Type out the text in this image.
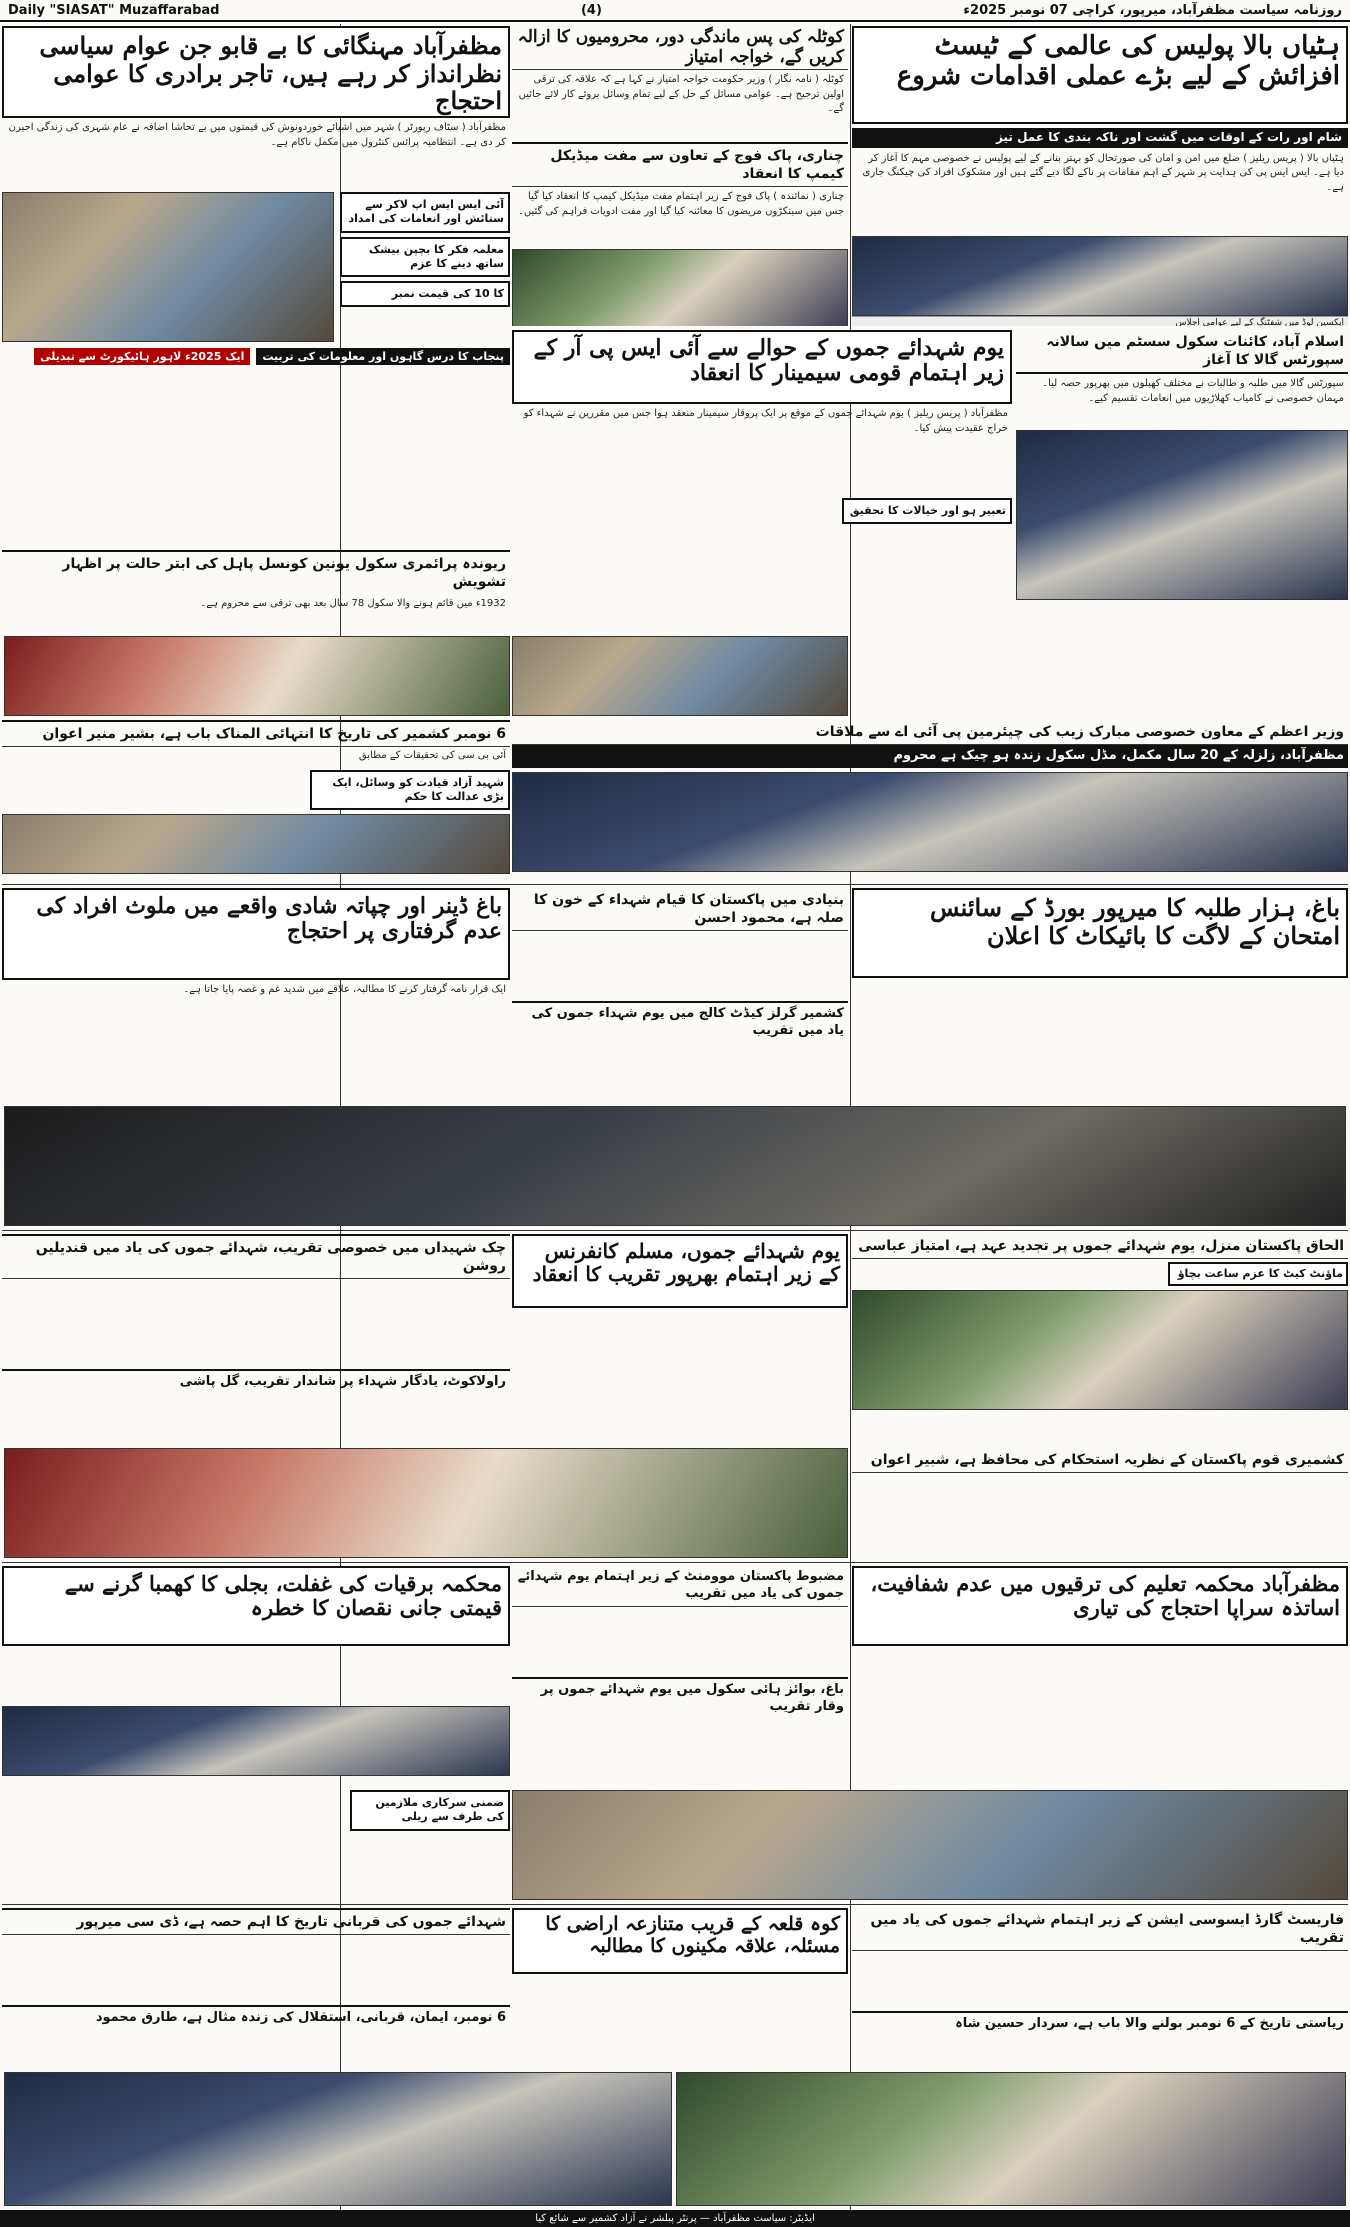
Daily "SIASAT" Muzaffarabad	(4)	روزنامہ سیاست مظفرآباد، میرپور، کراچی 07 نومبر 2025ء
ہٹیاں بالا پولیس کی عالمی کے ٹیسٹ افزائش کے لیے بڑے عملی اقدامات شروع
شام اور رات کے اوقات میں گشت اور ناکہ بندی کا عمل تیز
ہٹیاں بالا ( پریس ریلیز ) ضلع میں امن و امان کی صورتحال کو بہتر بنانے کے لیے پولیس نے خصوصی مہم کا آغاز کر دیا ہے۔ ایس ایس پی کی ہدایت پر شہر کے اہم مقامات پر ناکے لگا دیے گئے ہیں اور مشکوک افراد کی چیکنگ جاری ہے۔
ایکسین لوڈ میں شفٹنگ کے لیے عوامی اجلاس
کوٹلہ کی پس ماندگی دور، محرومیوں کا ازالہ کریں گے، خواجہ امتیاز
کوٹلہ ( نامہ نگار ) وزیر حکومت خواجہ امتیاز نے کہا ہے کہ علاقہ کی ترقی اولین ترجیح ہے۔ عوامی مسائل کے حل کے لیے تمام وسائل بروئے کار لائے جائیں گے۔
چناری، پاک فوج کے تعاون سے مفت میڈیکل کیمپ کا انعقاد
چناری ( نمائندہ ) پاک فوج کے زیر اہتمام مفت میڈیکل کیمپ کا انعقاد کیا گیا جس میں سینکڑوں مریضوں کا معائنہ کیا گیا اور مفت ادویات فراہم کی گئیں۔
مظفرآباد مہنگائی کا بے قابو جن عوام سیاسی نظرانداز کر رہے ہیں، تاجر برادری کا عوامی احتجاج
مظفرآباد ( سٹاف رپورٹر ) شہر میں اشیائے خوردونوش کی قیمتوں میں بے تحاشا اضافہ نے عام شہری کی زندگی اجیرن کر دی ہے۔ انتظامیہ پرائس کنٹرول میں مکمل ناکام ہے۔
آئی ایس ایس اپ لاکر سے ستائش اور انعامات کی امداد
معلمہ فکر کا بچپن بیشک ساتھ دینے کا عزم
کا 10 کی قیمت نمبر
پنجاب کا درس گاہوں اور معلومات کی تربیت
ایک 2025ء لاہور ہائیکورٹ سے تبدیلی	یوم شہدائے جموں کے حوالے سے آئی ایس پی آر کے زیر اہتمام قومی سیمینار کا انعقاد
مظفرآباد ( پریس ریلیز ) یوم شہدائے جموں کے موقع پر ایک پروقار سیمینار منعقد ہوا جس میں مقررین نے شہداء کو خراج عقیدت پیش کیا۔
تعبیر ہو اور خیالات کا تحقیق
اسلام آباد، کائنات سکول سسٹم میں سالانہ سپورٹس گالا کا آغاز
سپورٹس گالا میں طلبہ و طالبات نے مختلف کھیلوں میں بھرپور حصہ لیا۔ مہمان خصوصی نے کامیاب کھلاڑیوں میں انعامات تقسیم کیے۔
ریوندہ پرائمری سکول یونین کونسل پاہل کی ابتر حالت پر اظہار تشویش
1932ء میں قائم ہونے والا سکول 78 سال بعد بھی ترقی سے محروم ہے۔
وزیر اعظم کے معاون خصوصی مبارک زیب کی چیئرمین پی آئی اے سے ملاقات
مظفرآباد، زلزلہ کے 20 سال مکمل، مڈل سکول زندہ ہو چیک ہے محروم
6 نومبر کشمیر کی تاریخ کا انتہائی المناک باب ہے، بشیر منیر اعوان
آئی بی سی کی تحقیقات کے مطابق
شہید آزاد قیادت کو وسائل، ایک بڑی عدالت کا حکم
باغ، ہزار طلبہ کا میرپور بورڈ کے سائنس امتحان کے لاگت کا بائیکاٹ کا اعلان
بنیادی میں پاکستان کا قیام شہداء کے خون کا صلہ ہے، محمود احسن
کشمیر گرلز کیڈٹ کالج میں یوم شہداء جموں کی یاد میں تقریب
باغ ڈینر اور چپاتہ شادی واقعے میں ملوث افراد کی عدم گرفتاری پر احتجاج
ایک قرار نامہ گرفتار کرنے کا مطالبہ، علاقے میں شدید غم و غصہ پایا جاتا ہے۔
یوم شہدائے جموں، مسلم کانفرنس کے زیر اہتمام بھرپور تقریب کا انعقاد
الحاق پاکستان منزل، یوم شہدائے جموں پر تجدید عہد ہے، امتیاز عباسی
ماؤنٹ کیٹ کا عزم ساعت بچاؤ
چک شہیداں میں خصوصی تقریب، شہدائے جموں کی یاد میں قندیلیں روشن
راولاکوٹ، یادگار شہداء پر شاندار تقریب، گل پاشی
کشمیری قوم پاکستان کے نظریہ استحکام کی محافظ ہے، شبیر اعوان
مظفرآباد محکمہ تعلیم کی ترقیوں میں عدم شفافیت، اساتذہ سراپا احتجاج کی تیاری
مضبوط پاکستان موومنٹ کے زیر اہتمام یوم شہدائے جموں کی یاد میں تقریب
باغ، بوائز ہائی سکول میں یوم شہدائے جموں پر وقار تقریب
محکمہ برقیات کی غفلت، بجلی کا کھمبا گرنے سے قیمتی جانی نقصان کا خطرہ
ضمنی سرکاری ملازمین کی طرف سے ریلی
کوہ قلعہ کے قریب متنازعہ اراضی کا مسئلہ، علاقہ مکینوں کا مطالبہ
شہدائے جموں کی قربانی تاریخ کا اہم حصہ ہے، ڈی سی میرپور
6 نومبر، ایمان، قربانی، استقلال کی زندہ مثال ہے، طارق محمود
فاریسٹ گارڈ ایسوسی ایشن کے زیر اہتمام شہدائے جموں کی یاد میں تقریب
ریاستی تاریخ کے 6 نومبر بولنے والا باب ہے، سردار حسین شاہ
ایڈیٹر: سیاست مظفرآباد — پرنٹر پبلشر نے آزاد کشمیر سے شائع کیا
